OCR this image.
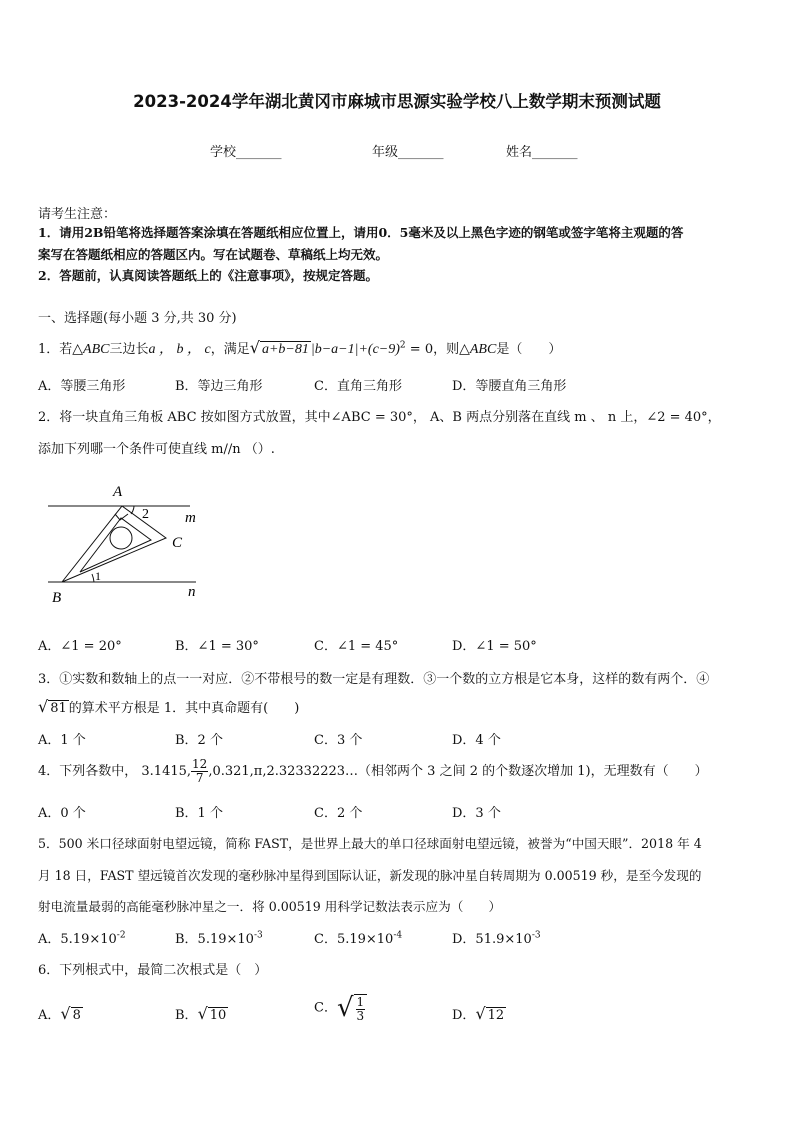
2023-2024学年湖北黄冈市麻城市思源实验学校八上数学期末预测试题
学校_______	年级_______	姓名_______
请考生注意：
1．请用2B铅笔将选择题答案涂填在答题纸相应位置上，请用0．5毫米及以上黑色字迹的钢笔或签字笔将主观题的答
案写在答题纸相应的答题区内。写在试题卷、草稿纸上均无效。
2．答题前，认真阅读答题纸上的《注意事项》，按规定答题。
一、选择题(每小题 3 分,共 30 分)
1．若△ABC三边长a ， b ， c，满足√ a+b−81 $|b-a-1|+(c-9)^2 = 0$，则△ABC是（　　）
A．等腰三角形	B．等边三角形	C．直角三角形	D．等腰直角三角形
2．将一块直角三角板 ABC 按如图方式放置，其中∠ABC = 30°， A、B 两点分别落在直线 m 、 n 上，∠2 = 40°，
添加下列哪一个条件可使直线 m//n （）.
A
B
C
m
n
2
1
A．∠1 = 20°	B．∠1 = 30°	C．∠1 = 45°	D．∠1 = 50°
3．①实数和数轴上的点一一对应．②不带根号的数一定是有理数．③一个数的立方根是它本身，这样的数有两个．④
√ 81 的算术平方根是 1．其中真命题有(　　)
A．1 个	B．2 个	C．3 个	D．4 个
4．下列各数中， 3.1415, $\frac{12}{7}$ ,0.321,π,2.32332223…（相邻两个 3 之间 2 的个数逐次增加 1)，无理数有（　　）
A．0 个	B．1 个	C．2 个	D．3 个
5．500 米口径球面射电望远镜，简称 FAST，是世界上最大的单口径球面射电望远镜，被誉为“中国天眼”．2018 年 4
月 18 日，FAST 望远镜首次发现的毫秒脉冲星得到国际认证，新发现的脉冲星自转周期为 0.00519 秒，是至今发现的
射电流量最弱的高能毫秒脉冲星之一．将 0.00519 用科学记数法表示应为（　　）
A．$5.19\times 10^{-2}$	B．$5.19\times 10^{-3}$	C．$5.19\times 10^{-4}$	D．$51.9\times 10^{-3}$
6．下列根式中，最简二次根式是（　）
A．√ 8	B．√ 10	C．√ $\frac{1}{3}$	D．√ 12
